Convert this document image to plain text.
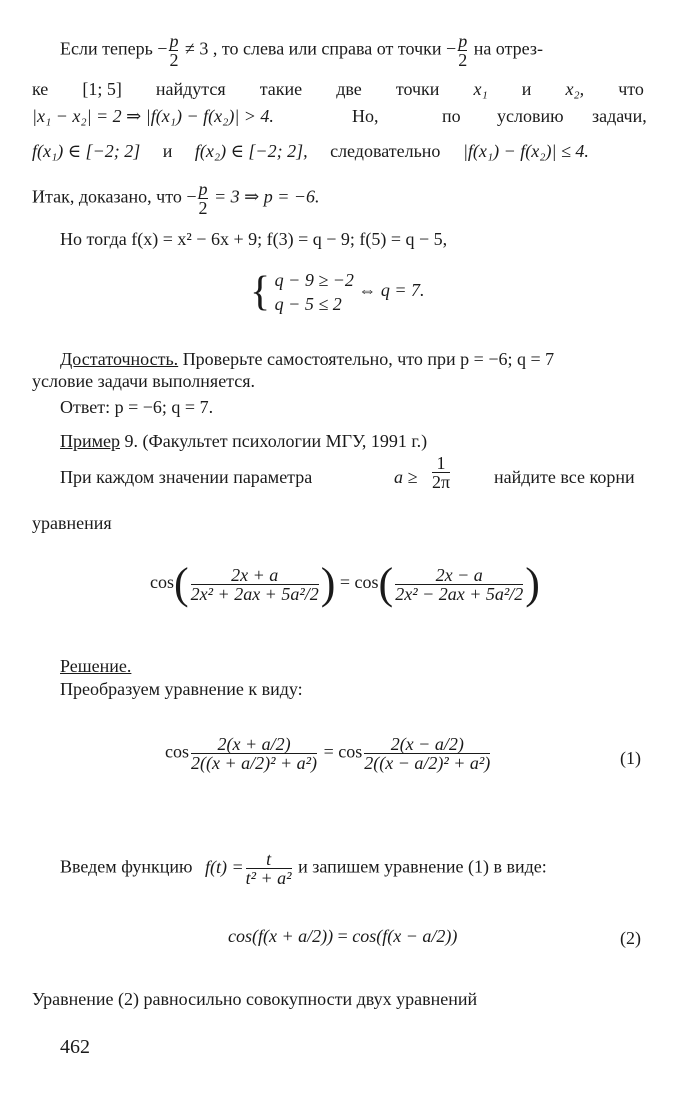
Если теперь − $\frac{p}{2} \ne 3$ , то слева или справа от точки − $\frac{p}{2}$ на отрез-
ке [1; 5] найдутся такие две точки x₁ и x₂, что
|x₁ − x₂| = 2 ⇒ |f(x₁) − f(x₂)| > 4.	Но,	по условию задачи,
f(x₁) ∈ [−2; 2] и f(x₂) ∈ [−2; 2], следовательно |f(x₁) − f(x₂)| ≤ 4.
Итак, доказано, что − $\frac{p}{2} = 3$ ⇒ p = −6.
Но тогда f(x) = x² − 6x + 9; f(3) = q − 9; f(5) = q − 5,
{ q − 9 ≥ −2
q − 5 ≤ 2
⇔ q = 7.
Достаточность. Проверьте самостоятельно, что при p = −6; q = 7
условие задачи выполняется.
Ответ: p = −6; q = 7.
Пример 9. (Факультет психологии МГУ, 1991 г.)
При каждом значении параметра	$a \ge \frac{1}{2\pi}$ найдите все корни
уравнения
$\cos( \frac{2x + a}{\text{2x² + 2ax + 5a²/2}}$ ) = $\cos( \frac{2x - a}{\text{2x² − 2ax + 5a²/2}}$ )
Решение.
Преобразуем уравнение к виду:
$\cos \frac{2(x + a/2)}{\text{2((x + a/2)² + a²)}} = \cos \frac{2(x - a/2)}{\text{2((x − a/2)² + a²)}}$	(1)
Введем функцию $f(t) = \frac{t}{\text{t² + a²}}$ и запишем уравнение (1) в виде:
cos(f(x + a/2)) = cos(f(x − a/2))	(2)
Уравнение (2) равносильно совокупности двух уравнений
462
